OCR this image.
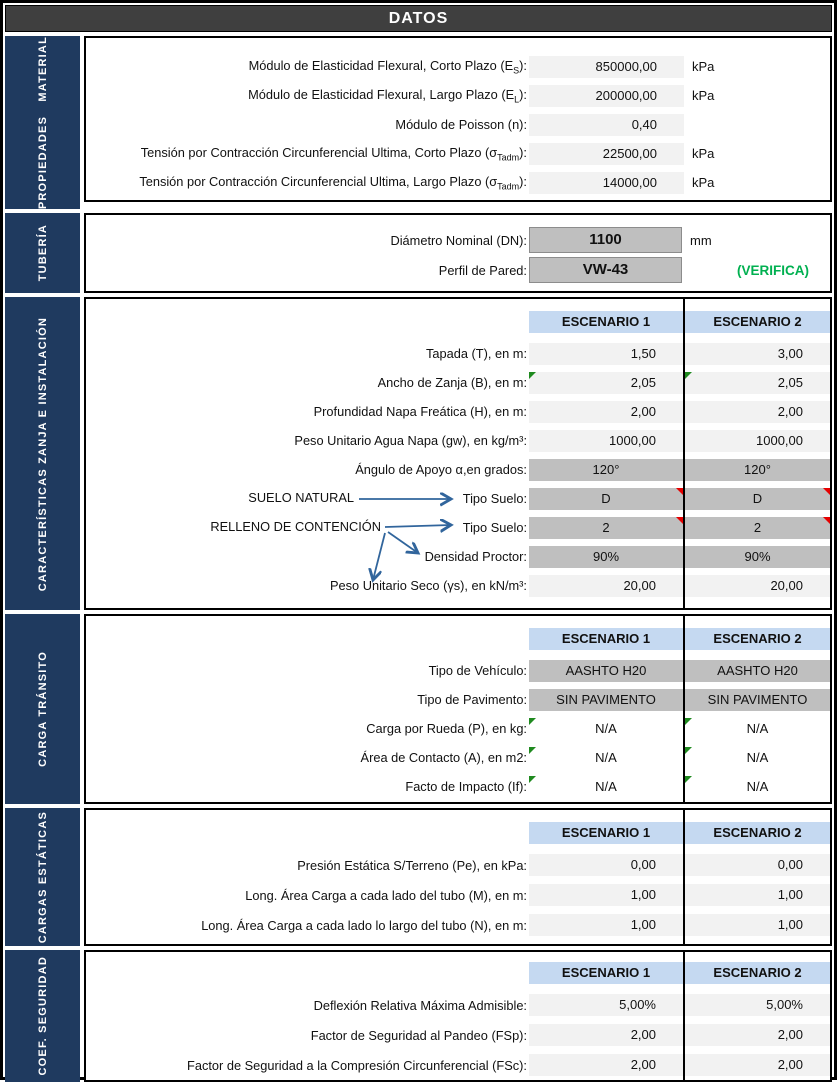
DATOS
PROPIEDADES MATERIAL	Módulo de Elasticidad Flexural, Corto Plazo $(E_S)$:	850000,00	kPa
Módulo de Elasticidad Flexural, Largo Plazo $(E_L)$:	200000,00	kPa
Módulo de Poisson (n):	0,40
Tensión por Contracción Circunferencial Ultima, Corto Plazo $(\sigma_{Tadm})$:	22500,00	kPa
Tensión por Contracción Circunferencial Ultima, Largo Plazo $(\sigma_{Tadm})$:	14000,00	kPa
TUBERÍA	Diámetro Nominal (DN):	1100	mm
Perfil de Pared:	VW-43	(VERIFICA)
CARACTERÍSTICAS ZANJA E INSTALACIÓN	SUELO NATURAL
RELLENO DE CONTENCIÓN
ESCENARIO 1	ESCENARIO 2
Tapada (T), en m:	1,50	3,00
Ancho de Zanja (B), en m:	2,05	2,05
Profundidad Napa Freática (H), en m:	2,00	2,00
Peso Unitario Agua Napa (gw), en kg/m³:	1000,00	1000,00
Ángulo de Apoyo α,en grados:	120°	120°
Tipo Suelo:	D	D
Tipo Suelo:	2	2
Densidad Proctor:	90%	90%
Peso Unitario Seco (γs), en kN/m³:	20,00	20,00
CARGA TRÁNSITO
ESCENARIO 1	ESCENARIO 2
Tipo de Vehículo:	AASHTO H20	AASHTO H20
Tipo de Pavimento:	SIN PAVIMENTO	SIN PAVIMENTO
Carga por Rueda (P), en kg:	N/A	N/A
Área de Contacto (A), en m2:	N/A	N/A
Facto de Impacto (If):	N/A	N/A
CARGAS ESTÁTICAS	ESCENARIO 1	ESCENARIO 2
Presión Estática S/Terreno (Pe), en kPa:	0,00	0,00
Long. Área Carga a cada lado del tubo (M), en m:	1,00	1,00
Long. Área Carga a cada lado lo largo del tubo (N), en m:	1,00	1,00
COEF. SEGURIDAD	ESCENARIO 1	ESCENARIO 2
Deflexión Relativa Máxima Admisible:	5,00%	5,00%
Factor de Seguridad al Pandeo (FSp):	2,00	2,00
Factor de Seguridad a la Compresión Circunferencial (FSc):	2,00	2,00
